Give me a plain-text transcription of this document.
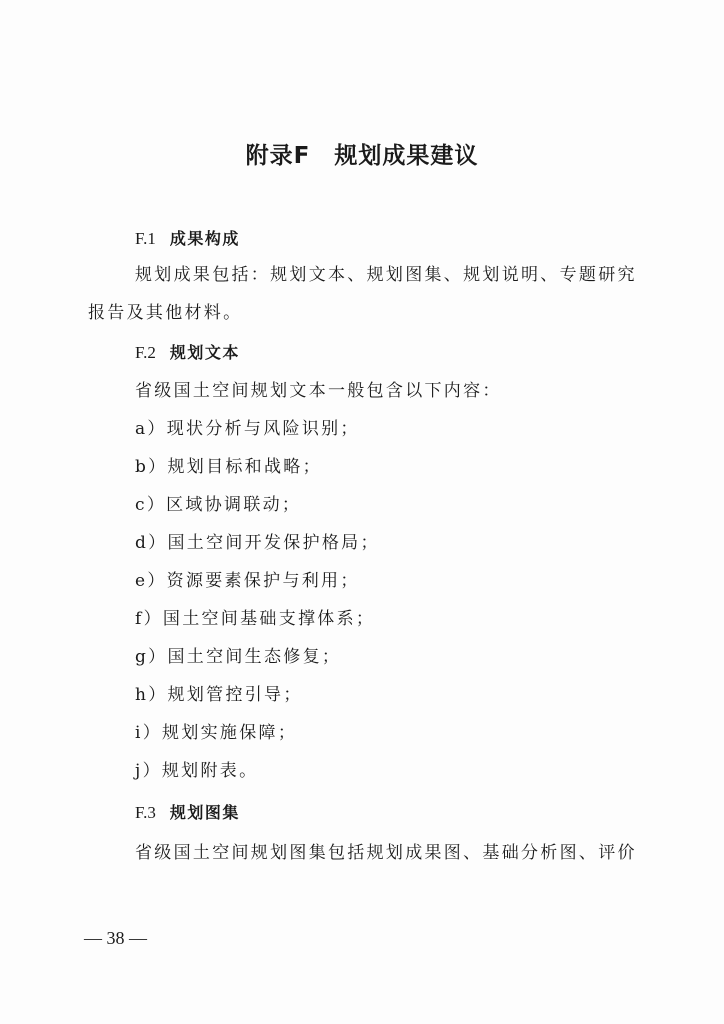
附录F 规划成果建议
F.1 成果构成
规划成果包括：规划文本、规划图集、规划说明、专题研究
报告及其他材料。
F.2 规划文本
省级国土空间规划文本一般包含以下内容：
a）现状分析与风险识别；
b）规划目标和战略；
c）区域协调联动；
d）国土空间开发保护格局；
e）资源要素保护与利用；
f）国土空间基础支撑体系；
g）国土空间生态修复；
h）规划管控引导；
i）规划实施保障；
j）规划附表。
F.3 规划图集
省级国土空间规划图集包括规划成果图、基础分析图、评价
— 38 —
